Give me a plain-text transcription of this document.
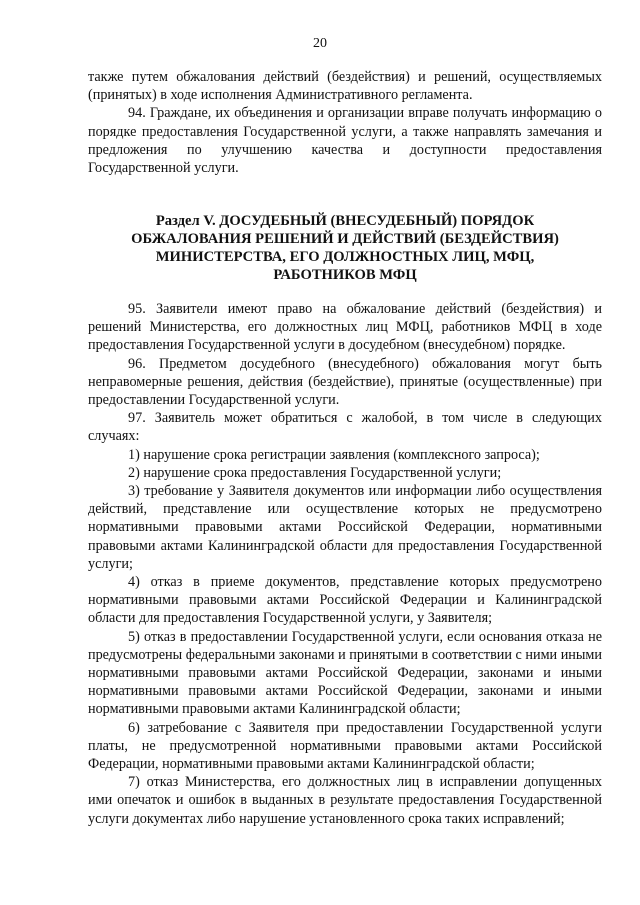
20

также путем обжалования действий (бездействия) и решений, осуществляемых (принятых) в ходе исполнения Административного регламента.

94. Граждане, их объединения и организации вправе получать информацию о порядке предоставления Государственной услуги, а также направлять замечания и предложения по улучшению качества и доступности предоставления Государственной услуги.

Раздел V. ДОСУДЕБНЫЙ (ВНЕСУДЕБНЫЙ) ПОРЯДОК
ОБЖАЛОВАНИЯ РЕШЕНИЙ И ДЕЙСТВИЙ (БЕЗДЕЙСТВИЯ)
МИНИСТЕРСТВА, ЕГО ДОЛЖНОСТНЫХ ЛИЦ, МФЦ,
РАБОТНИКОВ МФЦ

95. Заявители имеют право на обжалование действий (бездействия) и решений Министерства, его должностных лиц МФЦ, работников МФЦ в ходе предоставления Государственной услуги в досудебном (внесудебном) порядке.

96. Предметом досудебного (внесудебного) обжалования могут быть неправомерные решения, действия (бездействие), принятые (осуществленные) при предоставлении Государственной услуги.

97. Заявитель может обратиться с жалобой, в том числе в следующих случаях:

1) нарушение срока регистрации заявления (комплексного запроса);

2) нарушение срока предоставления Государственной услуги;

3) требование у Заявителя документов или информации либо осуществления действий, представление или осуществление которых не предусмотрено нормативными правовыми актами Российской Федерации, нормативными правовыми актами Калининградской области для предоставления Государственной услуги;

4) отказ в приеме документов, представление которых предусмотрено нормативными правовыми актами Российской Федерации и Калининградской области для предоставления Государственной услуги, у Заявителя;

5) отказ в предоставлении Государственной услуги, если основания отказа не предусмотрены федеральными законами и принятыми в соответствии с ними иными нормативными правовыми актами Российской Федерации, законами и иными нормативными правовыми актами Российской Федерации, законами и иными нормативными правовыми актами Калининградской области;

6) затребование с Заявителя при предоставлении Государственной услуги платы, не предусмотренной нормативными правовыми актами Российской Федерации, нормативными правовыми актами Калининградской области;

7) отказ Министерства, его должностных лиц в исправлении допущенных ими опечаток и ошибок в выданных в результате предоставления Государственной услуги документах либо нарушение установленного срока таких исправлений;
